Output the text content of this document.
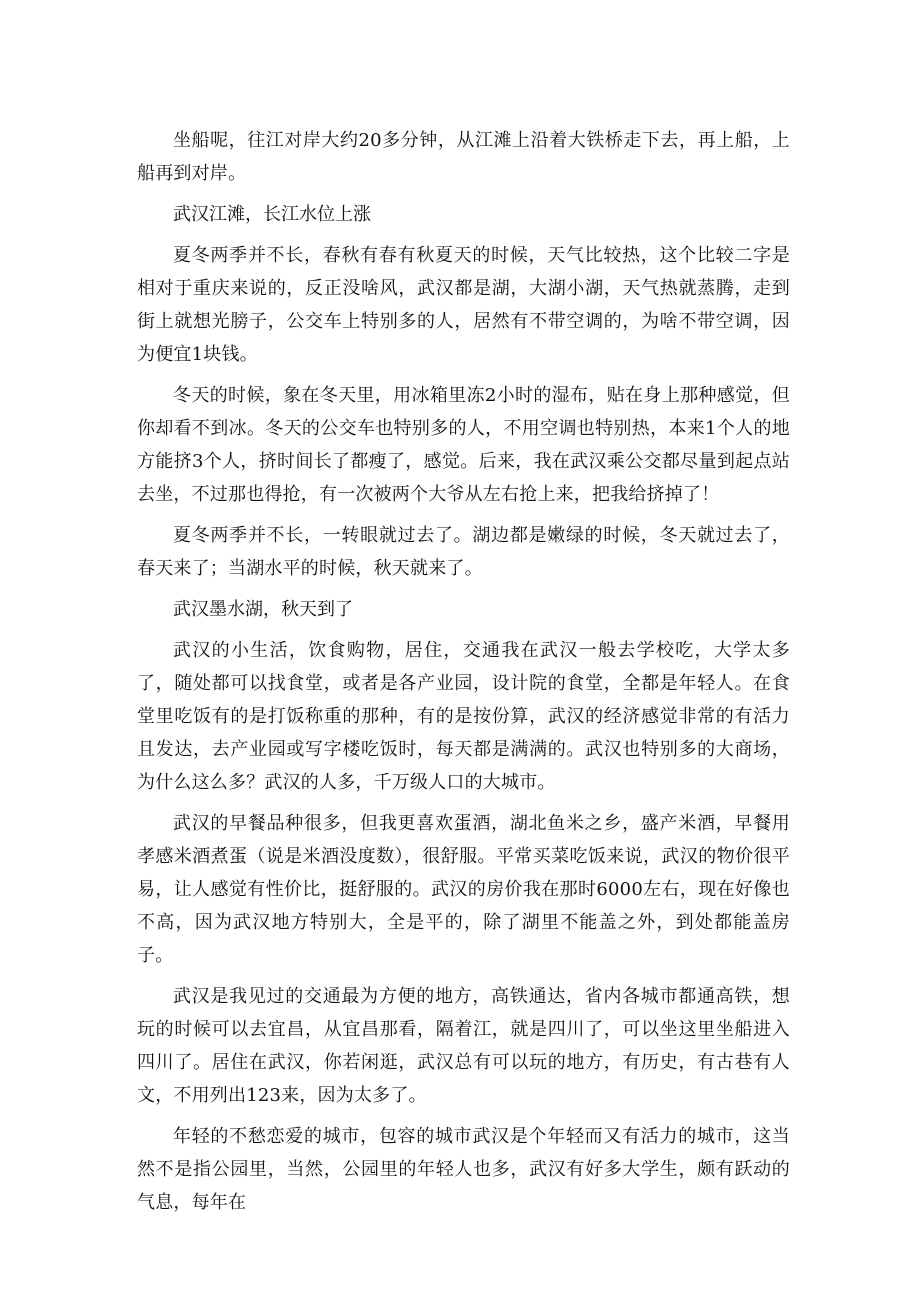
坐船呢，往江对岸大约20多分钟，从江滩上沿着大铁桥走下去，再上船，上船再到对岸。

武汉江滩，长江水位上涨

夏冬两季并不长，春秋有春有秋夏天的时候，天气比较热，这个比较二字是相对于重庆来说的，反正没啥风，武汉都是湖，大湖小湖，天气热就蒸腾，走到街上就想光膀子，公交车上特别多的人，居然有不带空调的，为啥不带空调，因为便宜1块钱。

冬天的时候，象在冬天里，用冰箱里冻2小时的湿布，贴在身上那种感觉，但你却看不到冰。冬天的公交车也特别多的人，不用空调也特别热，本来1个人的地方能挤3个人，挤时间长了都瘦了，感觉。后来，我在武汉乘公交都尽量到起点站去坐，不过那也得抢，有一次被两个大爷从左右抢上来，把我给挤掉了！

夏冬两季并不长，一转眼就过去了。湖边都是嫩绿的时候，冬天就过去了，春天来了；当湖水平的时候，秋天就来了。

武汉墨水湖，秋天到了

武汉的小生活，饮食购物，居住，交通我在武汉一般去学校吃，大学太多了，随处都可以找食堂，或者是各产业园，设计院的食堂，全都是年轻人。在食堂里吃饭有的是打饭称重的那种，有的是按份算，武汉的经济感觉非常的有活力且发达，去产业园或写字楼吃饭时，每天都是满满的。武汉也特别多的大商场，为什么这么多？武汉的人多，千万级人口的大城市。

武汉的早餐品种很多，但我更喜欢蛋酒，湖北鱼米之乡，盛产米酒，早餐用孝感米酒煮蛋（说是米酒没度数），很舒服。平常买菜吃饭来说，武汉的物价很平易，让人感觉有性价比，挺舒服的。武汉的房价我在那时6000左右，现在好像也不高，因为武汉地方特别大，全是平的，除了湖里不能盖之外，到处都能盖房子。

武汉是我见过的交通最为方便的地方，高铁通达，省内各城市都通高铁，想玩的时候可以去宜昌，从宜昌那看，隔着江，就是四川了，可以坐这里坐船进入四川了。居住在武汉，你若闲逛，武汉总有可以玩的地方，有历史，有古巷有人文，不用列出123来，因为太多了。

年轻的不愁恋爱的城市，包容的城市武汉是个年轻而又有活力的城市，这当然不是指公园里，当然，公园里的年轻人也多，武汉有好多大学生，颇有跃动的气息，每年在
